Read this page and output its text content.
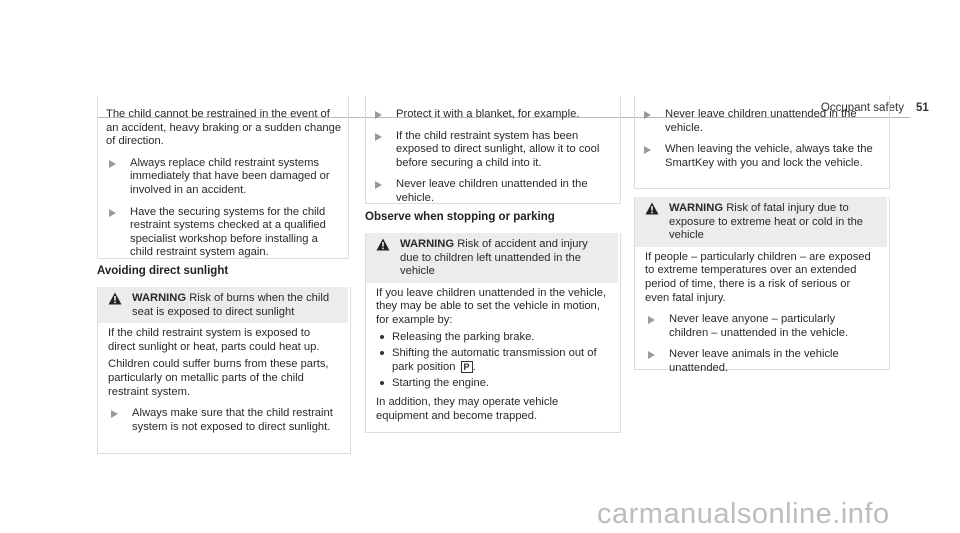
Occupant safety 51

The child cannot be restrained in the event of an accident, heavy braking or a sudden change of direction.

Always replace child restraint systems immediately that have been damaged or involved in an accident.
Have the securing systems for the child restraint systems checked at a qualified specialist workshop before installing a child restraint system again.
Avoiding direct sunlight
WARNING Risk of burns when the child seat is exposed to direct sunlight

If the child restraint system is exposed to direct sunlight or heat, parts could heat up.

Children could suffer burns from these parts, particularly on metallic parts of the child restraint system.

Always make sure that the child restraint system is not exposed to direct sunlight.
Protect it with a blanket, for example.
If the child restraint system has been exposed to direct sunlight, allow it to cool before securing a child into it.
Never leave children unattended in the vehicle.
Observe when stopping or parking
WARNING Risk of accident and injury due to children left unattended in the vehicle

If you leave children unattended in the vehicle, they may be able to set the vehicle in motion, for example by:

Releasing the parking brake.
Shifting the automatic transmission out of park position P .
Starting the engine.

In addition, they may operate vehicle equipment and become trapped.

Never leave children unattended in the vehicle.
When leaving the vehicle, always take the SmartKey with you and lock the vehicle.
WARNING Risk of fatal injury due to exposure to extreme heat or cold in the vehicle

If people – particularly children – are exposed to extreme temperatures over an extended period of time, there is a risk of serious or even fatal injury.

Never leave anyone – particularly children – unattended in the vehicle.
Never leave animals in the vehicle unattended.
carmanualsonline.info
